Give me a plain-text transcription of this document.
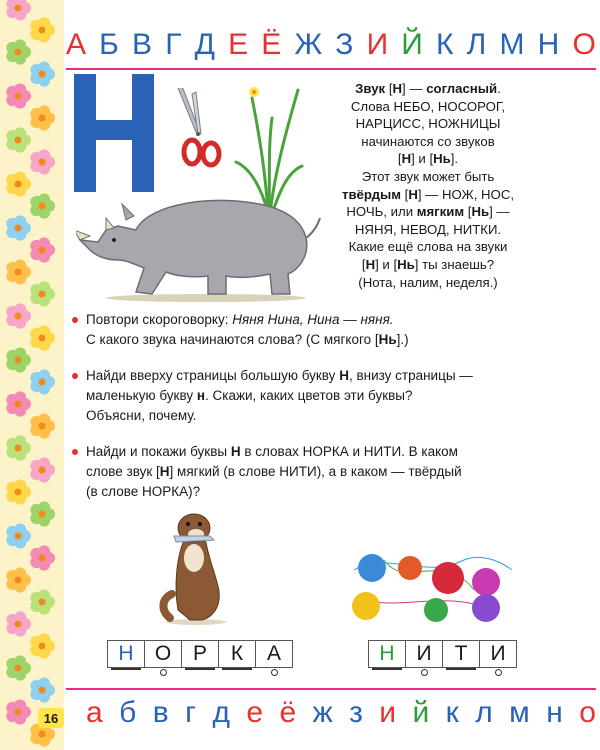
А Б В Г Д Е Ё Ж З И Й К Л М Н О
Звук [Н] — согласный.
Слова НЕБО, НОСОРОГ,
НАРЦИСС, НОЖНИЦЫ
начинаются со звуков
[Н] и [Нь].
Этот звук может быть
твёрдым [Н] — НОЖ, НОС,
НОЧЬ, или мягким [Нь] —
НЯНЯ, НЕВОД, НИТКИ.
Какие ещё слова на звуки
[Н] и [Нь] ты знаешь?
(Нота, налим, неделя.)
Повтори скороговорку: Няня Нина, Нина — няня.
С какого звука начинаются слова? (С мягкого [Нь].)
Найди вверху страницы большую букву Н, внизу страницы —
маленькую букву н. Скажи, каких цветов эти буквы?
Объясни, почему.
Найди и покажи буквы Н в словах НОРКА и НИТИ. В каком
слове звук [Н] мягкий (в слове НИТИ), а в каком — твёрдый
(в слове НОРКА)?
Н О Р К А	Н И Т И
16 а б в г д е ё ж з и й к л м н о
